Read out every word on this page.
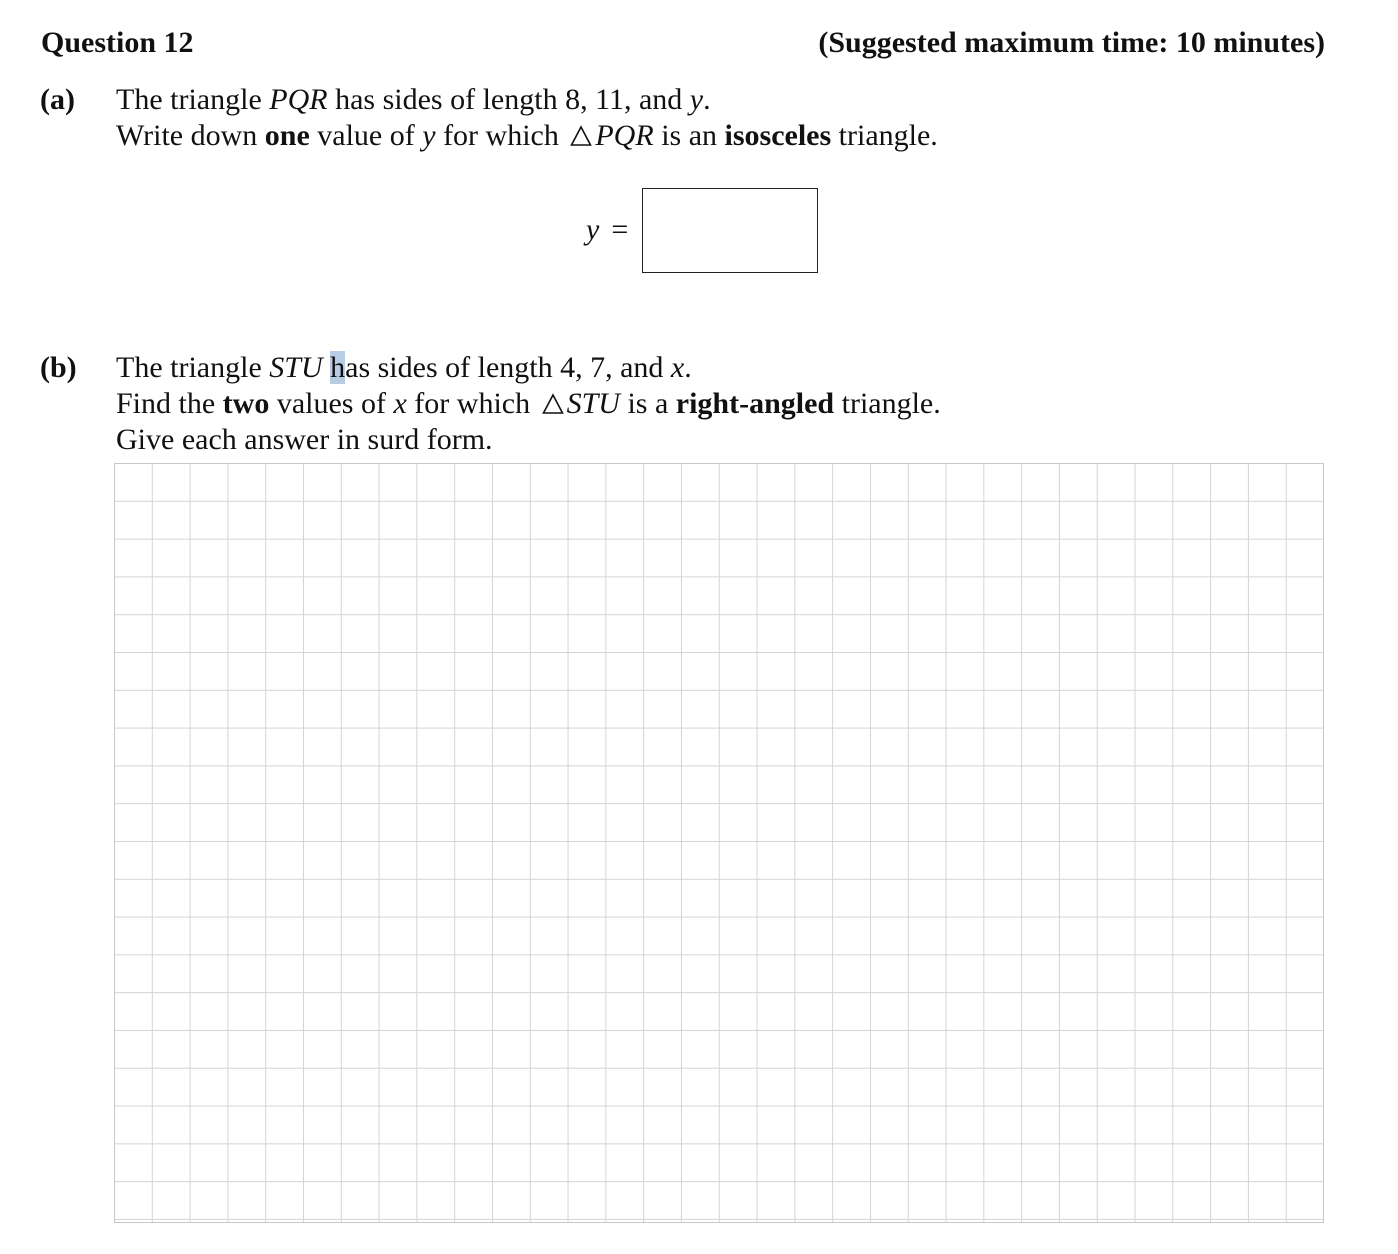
Question 12	(Suggested maximum time: 10 minutes)
(a) The triangle PQR has sides of length 8, 11, and y.
Write down one value of y for which PQR is an isosceles triangle.
y =
(b) The triangle STU has sides of length 4, 7, and x.
Find the two values of x for which STU is a right-angled triangle.
Give each answer in surd form.
